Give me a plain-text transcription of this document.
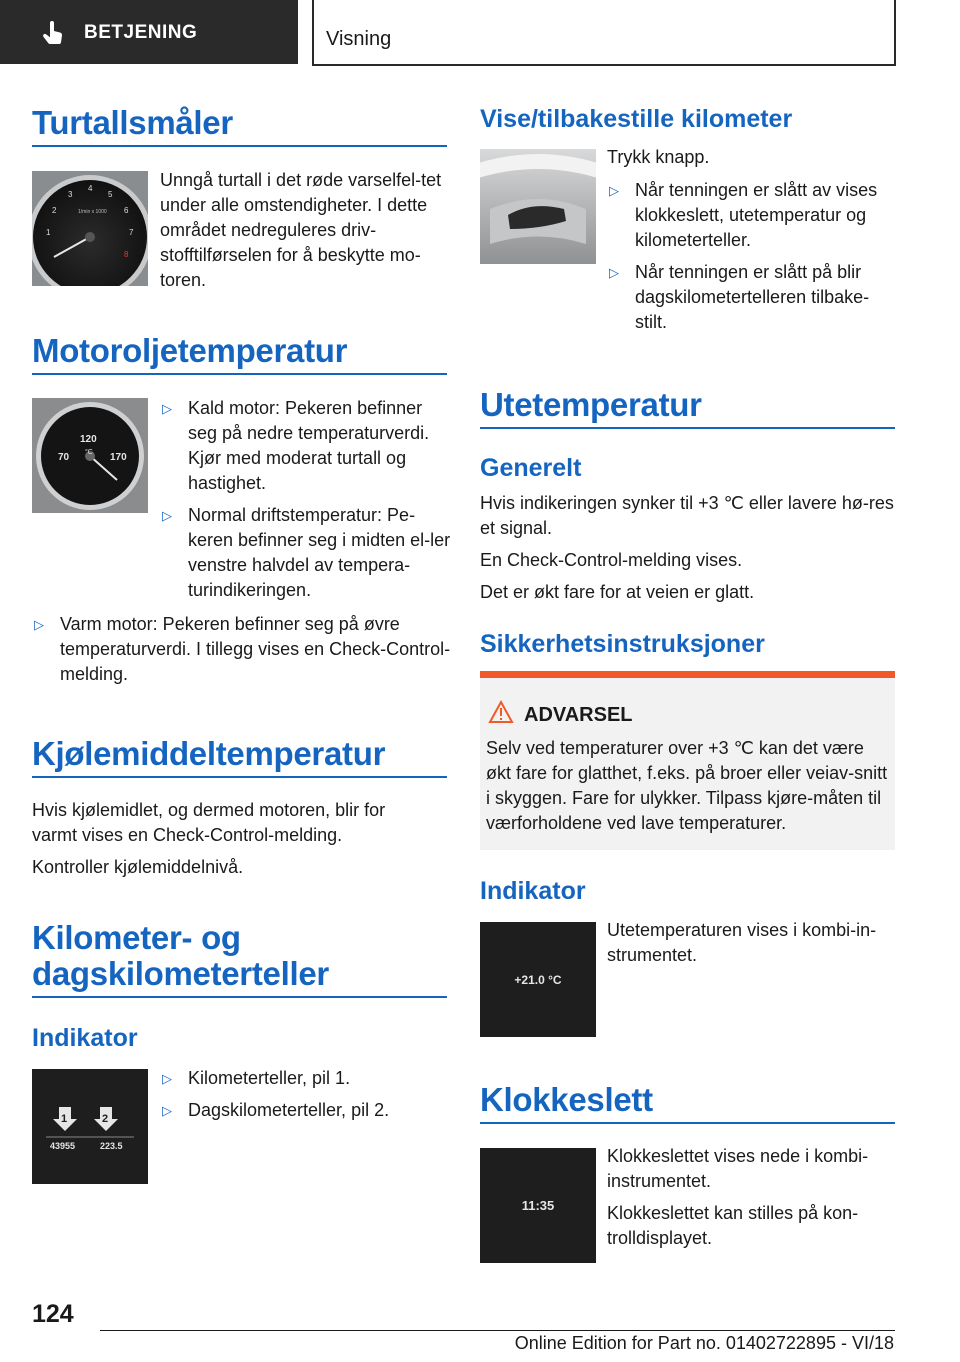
BETJENING	Visning
Turtallsmåler
1
2
3
4
5
6
7
8
1/min x 1000

Unngå turtall i det røde varselfel-tet under alle omstendigheter. I dette området nedreguleres driv-stofftilførselen for å beskytte mo-toren.

Motoroljetemperatur
70
120
°C 170
▷ Kald motor: Pekeren befinner seg på nedre temperaturverdi. Kjør med moderat turtall og hastighet.
▷ Normal driftstemperatur: Pe-keren befinner seg i midten el-ler venstre halvdel av tempera-turindikeringen.
▷ Varm motor: Pekeren befinner seg på øvre temperaturverdi. I tillegg vises en Check-Control-melding.
Kjølemiddeltemperatur

Hvis kjølemidlet, og dermed motoren, blir for varmt vises en Check-Control-melding.

Kontroller kjølemiddelnivå.

Kilometer- og
dagskilometerteller
Indikator
1	2
43955	223.5
▷ Kilometerteller, pil 1.
▷ Dagskilometerteller, pil 2.
Vise/tilbakestille kilometer

Trykk knapp.

▷ Når tenningen er slått av vises klokkeslett, utetemperatur og kilometerteller.
▷ Når tenningen er slått på blir dagskilometertelleren tilbake-stilt.
Utetemperatur
Generelt

Hvis indikeringen synker til +3 ℃ eller lavere hø-res et signal.

En Check-Control-melding vises.

Det er økt fare for at veien er glatt.

Sikkerhetsinstruksjoner
ADVARSEL
Selv ved temperaturer over +3 ℃ kan det være økt fare for glatthet, f.eks. på broer eller veiav-snitt i skyggen. Fare for ulykker. Tilpass kjøre-måten til værforholdene ved lave temperaturer.
Indikator
+21.0 °C

Utetemperaturen vises i kombi-in-strumentet.

Klokkeslett
11:35

Klokkeslettet vises nede i kombi-instrumentet.

Klokkeslettet kan stilles på kon-trolldisplayet.

124
Online Edition for Part no. 01402722895 - VI/18
